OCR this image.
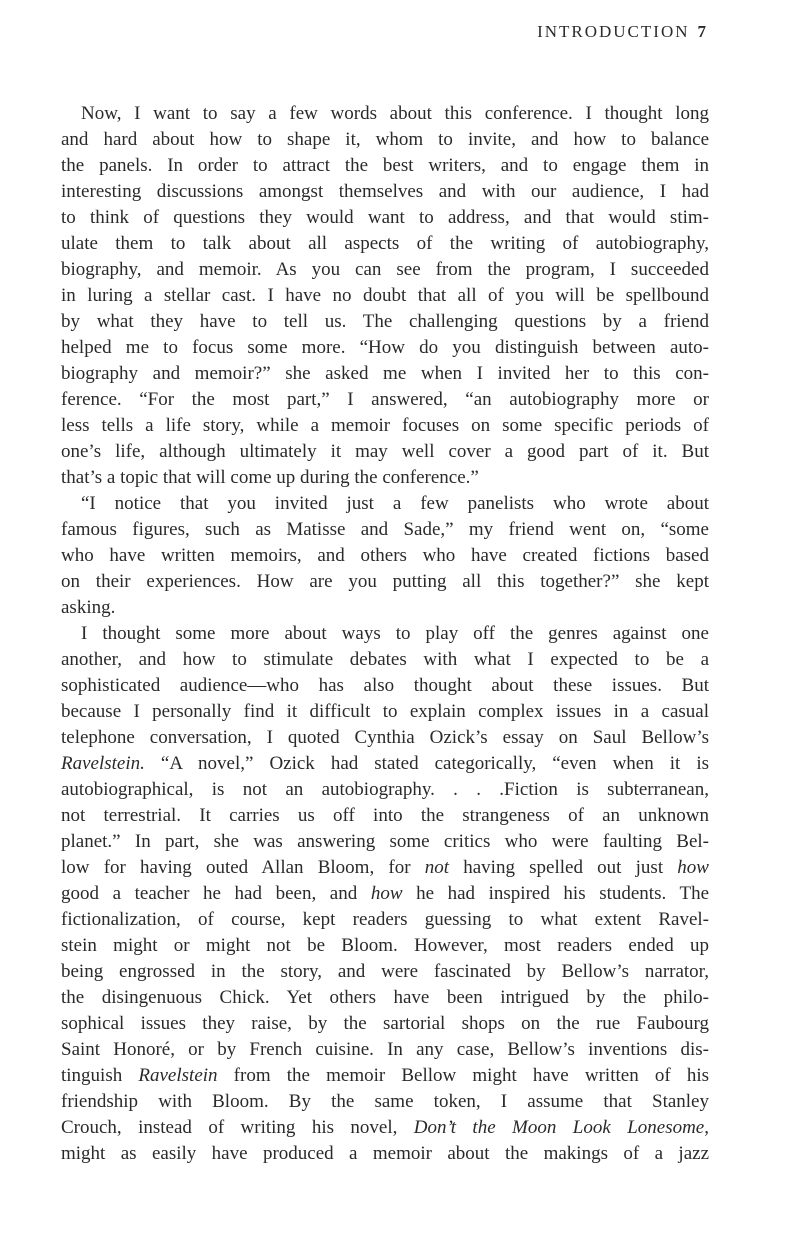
INTRODUCTION 7
Now, I want to say a few words about this conference. I thought long
and hard about how to shape it, whom to invite, and how to balance
the panels. In order to attract the best writers, and to engage them in
interesting discussions amongst themselves and with our audience, I had
to think of questions they would want to address, and that would stim-
ulate them to talk about all aspects of the writing of autobiography,
biography, and memoir. As you can see from the program, I succeeded
in luring a stellar cast. I have no doubt that all of you will be spellbound
by what they have to tell us. The challenging questions by a friend
helped me to focus some more. “How do you distinguish between auto-
biography and memoir?” she asked me when I invited her to this con-
ference. “For the most part,” I answered, “an autobiography more or
less tells a life story, while a memoir focuses on some specific periods of
one’s life, although ultimately it may well cover a good part of it. But
that’s a topic that will come up during the conference.”
“I notice that you invited just a few panelists who wrote about
famous figures, such as Matisse and Sade,” my friend went on, “some
who have written memoirs, and others who have created fictions based
on their experiences. How are you putting all this together?” she kept
asking.
I thought some more about ways to play off the genres against one
another, and how to stimulate debates with what I expected to be a
sophisticated audience—who has also thought about these issues. But
because I personally find it difficult to explain complex issues in a casual
telephone conversation, I quoted Cynthia Ozick’s essay on Saul Bellow’s
Ravelstein. “A novel,” Ozick had stated categorically, “even when it is
autobiographical, is not an autobiography. . . .Fiction is subterranean,
not terrestrial. It carries us off into the strangeness of an unknown
planet.” In part, she was answering some critics who were faulting Bel-
low for having outed Allan Bloom, for not having spelled out just how
good a teacher he had been, and how he had inspired his students. The
fictionalization, of course, kept readers guessing to what extent Ravel-
stein might or might not be Bloom. However, most readers ended up
being engrossed in the story, and were fascinated by Bellow’s narrator,
the disingenuous Chick. Yet others have been intrigued by the philo-
sophical issues they raise, by the sartorial shops on the rue Faubourg
Saint Honoré, or by French cuisine. In any case, Bellow’s inventions dis-
tinguish Ravelstein from the memoir Bellow might have written of his
friendship with Bloom. By the same token, I assume that Stanley
Crouch, instead of writing his novel, Don’t the Moon Look Lonesome,
might as easily have produced a memoir about the makings of a jazz
